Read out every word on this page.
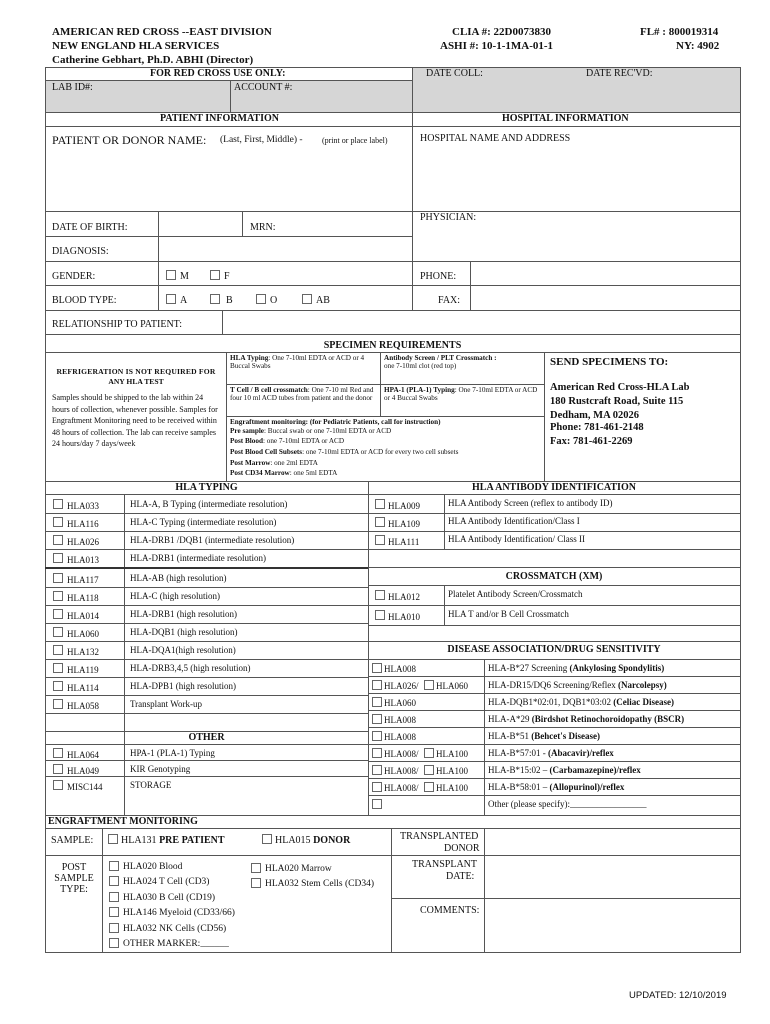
AMERICAN RED CROSS --EAST DIVISION
NEW ENGLAND HLA SERVICES
Catherine Gebhart, Ph.D. ABHI (Director)
CLIA #: 22D0073830
ASHI #: 10-1-1MA-01-1
FL# : 800019314
NY: 4902
FOR RED CROSS USE ONLY:
LAB ID#:	ACCOUNT #:
DATE COLL:	DATE REC'VD:
PATIENT INFORMATION	HOSPITAL INFORMATION
PATIENT OR DONOR NAME: (Last, First, Middle) - (print or place label)	HOSPITAL NAME AND ADDRESS
DATE OF BIRTH:	MRN:
PHYSICIAN:
DIAGNOSIS:
GENDER:	M	F	PHONE:
BLOOD TYPE:	A	B	O	AB	FAX:
RELATIONSHIP TO PATIENT:
SPECIMEN REQUIREMENTS
REFRIGERATION IS NOT REQUIRED FOR
ANY HLA TEST
Samples should be shipped to the lab within 24 hours of collection, whenever possible. Samples for Engraftment Monitoring need to be received within 48 hours of collection. The lab can receive samples 24 hours/day 7 days/week
HLA Typing: One 7-10ml EDTA or ACD or 4 Buccal Swabs
Antibody Screen / PLT Crossmatch :
one 7-10ml clot (red top)
T Cell / B cell crossmatch: One 7-10 ml Red and four 10 ml ACD tubes from patient and the donor
HPA-1 (PLA-1) Typing: One 7-10ml EDTA or ACD or 4 Buccal Swabs
Engraftment monitoring: (for Pediatric Patients, call for instruction)
Pre sample: Buccal swab or one 7-10ml EDTA or ACD
Post Blood: one 7-10ml EDTA or ACD
Post Blood Cell Subsets: one 7-10ml EDTA or ACD for every two cell subsets
Post Marrow: one 2ml EDTA
Post CD34 Marrow: one 5ml EDTA
SEND SPECIMENS TO:
American Red Cross-HLA Lab
180 Rustcraft Road, Suite 115
Dedham, MA 02026
Phone: 781-461-2148
Fax: 781-461-2269
HLA TYPING	HLA ANTIBODY IDENTIFICATION
HLA033	HLA-A, B Typing (intermediate resolution)
HLA116	HLA-C Typing (intermediate resolution)
HLA026	HLA-DRB1 /DQB1 (intermediate resolution)
HLA013	HLA-DRB1 (intermediate resolution)
HLA117	HLA-AB (high resolution)
HLA118	HLA-C (high resolution)
HLA014	HLA-DRB1 (high resolution)
HLA060	HLA-DQB1 (high resolution)
HLA132	HLA-DQA1(high resolution)
HLA119	HLA-DRB3,4,5 (high resolution)
HLA114	HLA-DPB1 (high resolution)
HLA058	Transplant Work-up
OTHER
HLA064	HPA-1 (PLA-1) Typing
HLA049	KIR Genotyping
MISC144	STORAGE
HLA009	HLA Antibody Screen (reflex to antibody ID)
HLA109	HLA Antibody Identification/Class I
HLA111	HLA Antibody Identification/ Class II
CROSSMATCH (XM)
HLA012	Platelet Antibody Screen/Crossmatch
HLA010	HLA T and/or B Cell Crossmatch
DISEASE ASSOCIATION/DRUG SENSITIVITY
HLA008	HLA-B*27 Screening (Ankylosing Spondylitis)
HLA026/ HLA060 HLA-DR15/DQ6 Screening/Reflex (Narcolepsy)
HLA060	HLA-DQB1*02:01, DQB1*03:02 (Celiac Disease)
HLA008	HLA-A*29 (Birdshot Retinochoroidopathy (BSCR)
HLA008	HLA-B*51 (Behcet's Disease)
HLA008/ HLA100 HLA-B*57:01 - (Abacavir)/reflex
HLA008/ HLA100 HLA-B*15:02 – (Carbamazepine)/reflex
HLA008/ HLA100 HLA-B*58:01 – (Allopurinol)/reflex
Other (please specify):_________________
ENGRAFTMENT MONITORING
SAMPLE:	HLA131 PRE PATIENT	HLA015 DONOR
POST
SAMPLE
TYPE:
HLA020 Blood
HLA024 T Cell (CD3)
HLA030 B Cell (CD19)
HLA146 Myeloid (CD33/66)
HLA032 NK Cells (CD56)
OTHER MARKER:______
HLA020 Marrow
HLA032 Stem Cells (CD34)
TRANSPLANTED
DONOR
TRANSPLANT
DATE:
COMMENTS:
UPDATED: 12/10/2019
